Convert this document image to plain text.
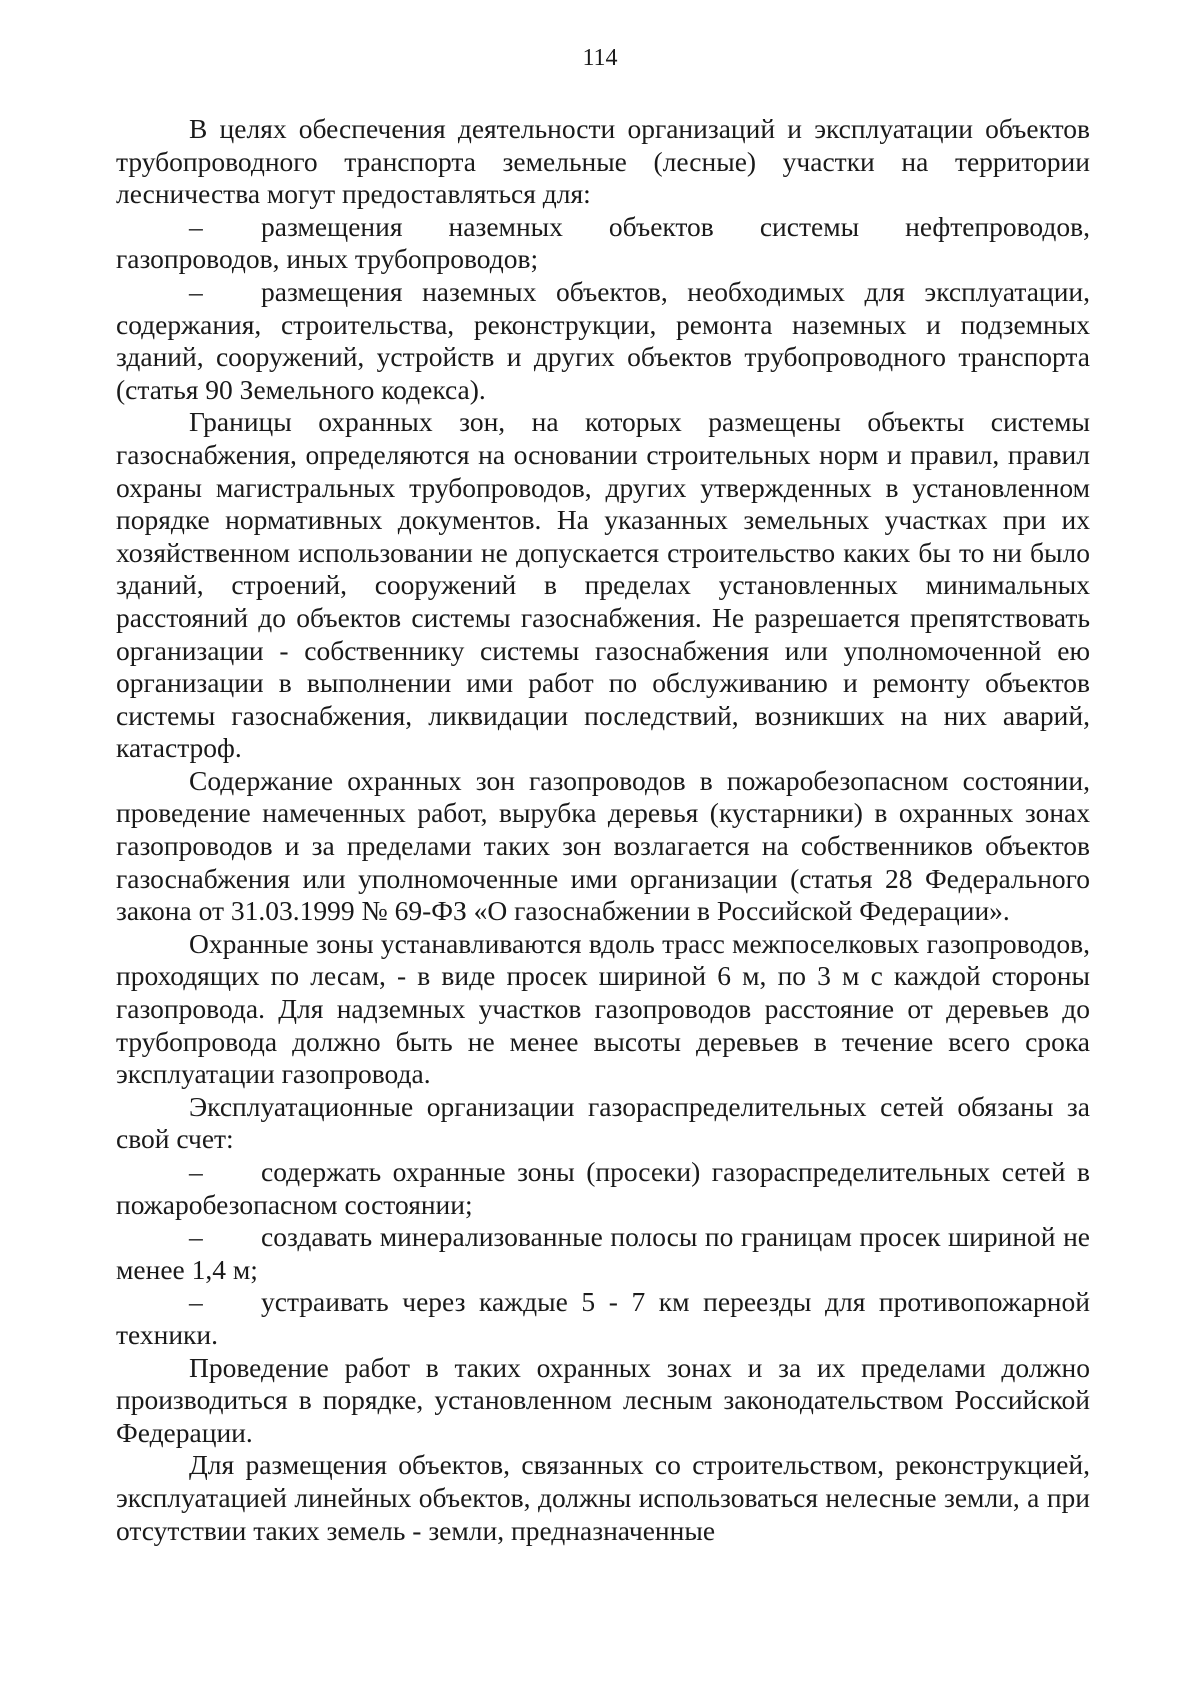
114

В целях обеспечения деятельности организаций и эксплуатации объектов трубопроводного транспорта земельные (лесные) участки на территории лесничества могут предоставляться для:

– размещения наземных объектов системы нефтепроводов, газопроводов, иных трубопроводов;

– размещения наземных объектов, необходимых для эксплуатации, содержания, строительства, реконструкции, ремонта наземных и подземных зданий, сооружений, устройств и других объектов трубопроводного транспорта (статья 90 Земельного кодекса).

Границы охранных зон, на которых размещены объекты системы газоснабжения, определяются на основании строительных норм и правил, правил охраны магистральных трубопроводов, других утвержденных в установленном порядке нормативных документов. На указанных земельных участках при их хозяйственном использовании не допускается строительство каких бы то ни было зданий, строений, сооружений в пределах установленных минимальных расстояний до объектов системы газоснабжения. Не разрешается препятствовать организации - собственнику системы газоснабжения или уполномоченной ею организации в выполнении ими работ по обслуживанию и ремонту объектов системы газоснабжения, ликвидации последствий, возникших на них аварий, катастроф.

Содержание охранных зон газопроводов в пожаробезопасном состоянии, проведение намеченных работ, вырубка деревья (кустарники) в охранных зонах газопроводов и за пределами таких зон возлагается на собственников объектов газоснабжения или уполномоченные ими организации (статья 28 Федерального закона от 31.03.1999 № 69-ФЗ «О газоснабжении в Российской Федерации».

Охранные зоны устанавливаются вдоль трасс межпоселковых газопроводов, проходящих по лесам, - в виде просек шириной 6 м, по 3 м с каждой стороны газопровода. Для надземных участков газопроводов расстояние от деревьев до трубопровода должно быть не менее высоты деревьев в течение всего срока эксплуатации газопровода.

Эксплуатационные организации газораспределительных сетей обязаны за свой счет:

– содержать охранные зоны (просеки) газораспределительных сетей в пожаробезопасном состоянии;

– создавать минерализованные полосы по границам просек шириной не менее 1,4 м;

– устраивать через каждые 5 - 7 км переезды для противопожарной техники.

Проведение работ в таких охранных зонах и за их пределами должно производиться в порядке, установленном лесным законодательством Российской Федерации.

Для размещения объектов, связанных со строительством, реконструкцией, эксплуатацией линейных объектов, должны использоваться нелесные земли, а при отсутствии таких земель - земли, предназначенные
